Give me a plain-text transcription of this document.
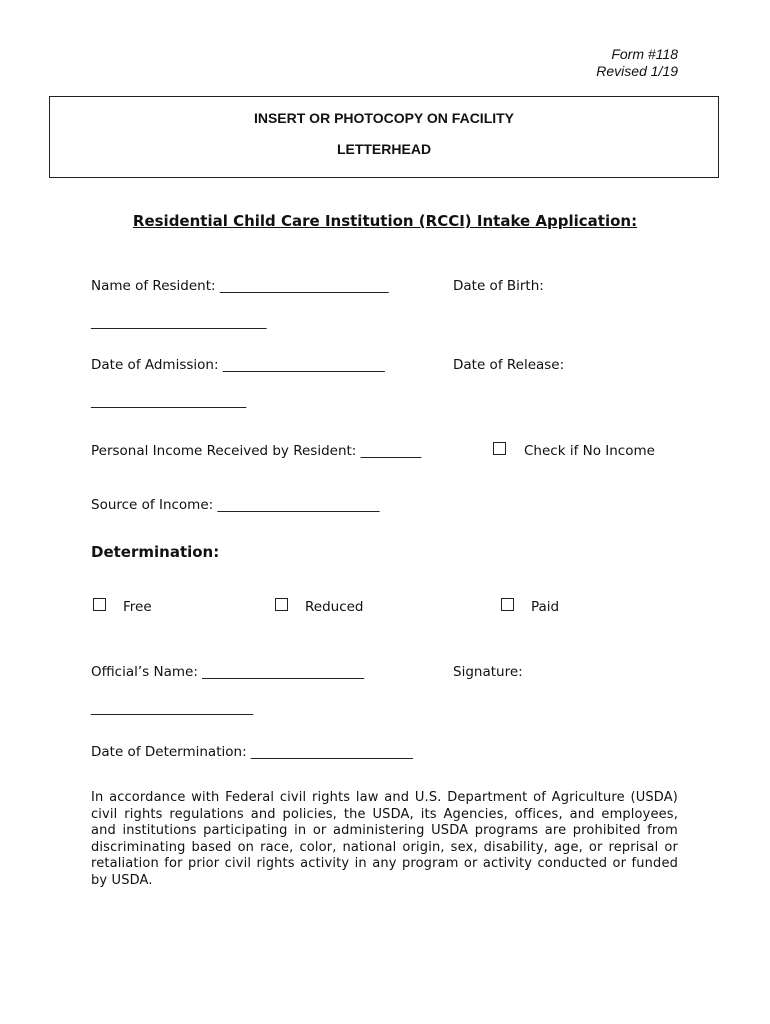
Form #118
Revised 1/19
INSERT OR PHOTOCOPY ON FACILITY
LETTERHEAD
Residential Child Care Institution (RCCI) Intake Application:
Name of Resident: _________________________	Date of Birth:
__________________________
Date of Admission: ________________________	Date of Release:
_______________________
Personal Income Received by Resident: _________	Check if No Income
Source of Income: ________________________
Determination:
Free	Reduced	Paid
Official’s Name: ________________________	Signature:
________________________
Date of Determination: ________________________
In accordance with Federal civil rights law and U.S. Department of Agriculture (USDA) civil rights regulations and policies, the USDA, its Agencies, offices, and employees, and institutions participating in or administering USDA programs are prohibited from discriminating based on race, color, national origin, sex, disability, age, or reprisal or retaliation for prior civil rights activity in any program or activity conducted or funded by USDA.
